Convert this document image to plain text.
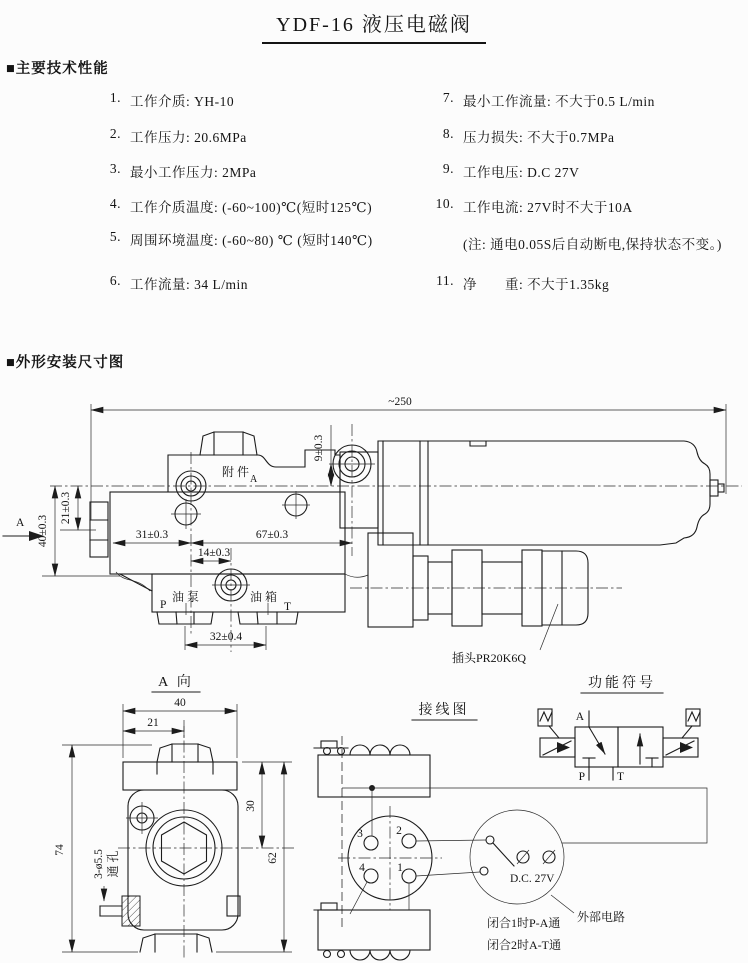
YDF-16 液压电磁阀
■主要技术性能
1. 工作介质: YH-10
2. 工作压力: 20.6MPa
3. 最小工作压力: 2MPa
4. 工作介质温度: (-60~100)℃(短时125℃)
5. 周围环境温度: (-60~80) ℃ (短时140℃)
6. 工作流量: 34 L/min
7. 最小工作流量: 不大于0.5 L/min
8. 压力损失: 不大于0.7MPa
9. 工作电压: D.C 27V
10. 工作电流: 27V时不大于10A
(注: 通电0.05S后自动断电,保持状态不变。)
11. 净　　重: 不大于1.35kg
■外形安装尺寸图
~250
9±0.3
A	21±0.3
40±0.3	31±0.3	67±0.3
14±0.3
32±0.4
附 件
A
P
油 泵	油 箱
T
插头PR20K6Q
A 向
40
21
74
30
62
3-ø5.5 通 孔
接线图
3	2
4	1
D.C. 27V
外部电路
闭合1时P-A通
闭合2时A-T通
功能符号
A
P	T
